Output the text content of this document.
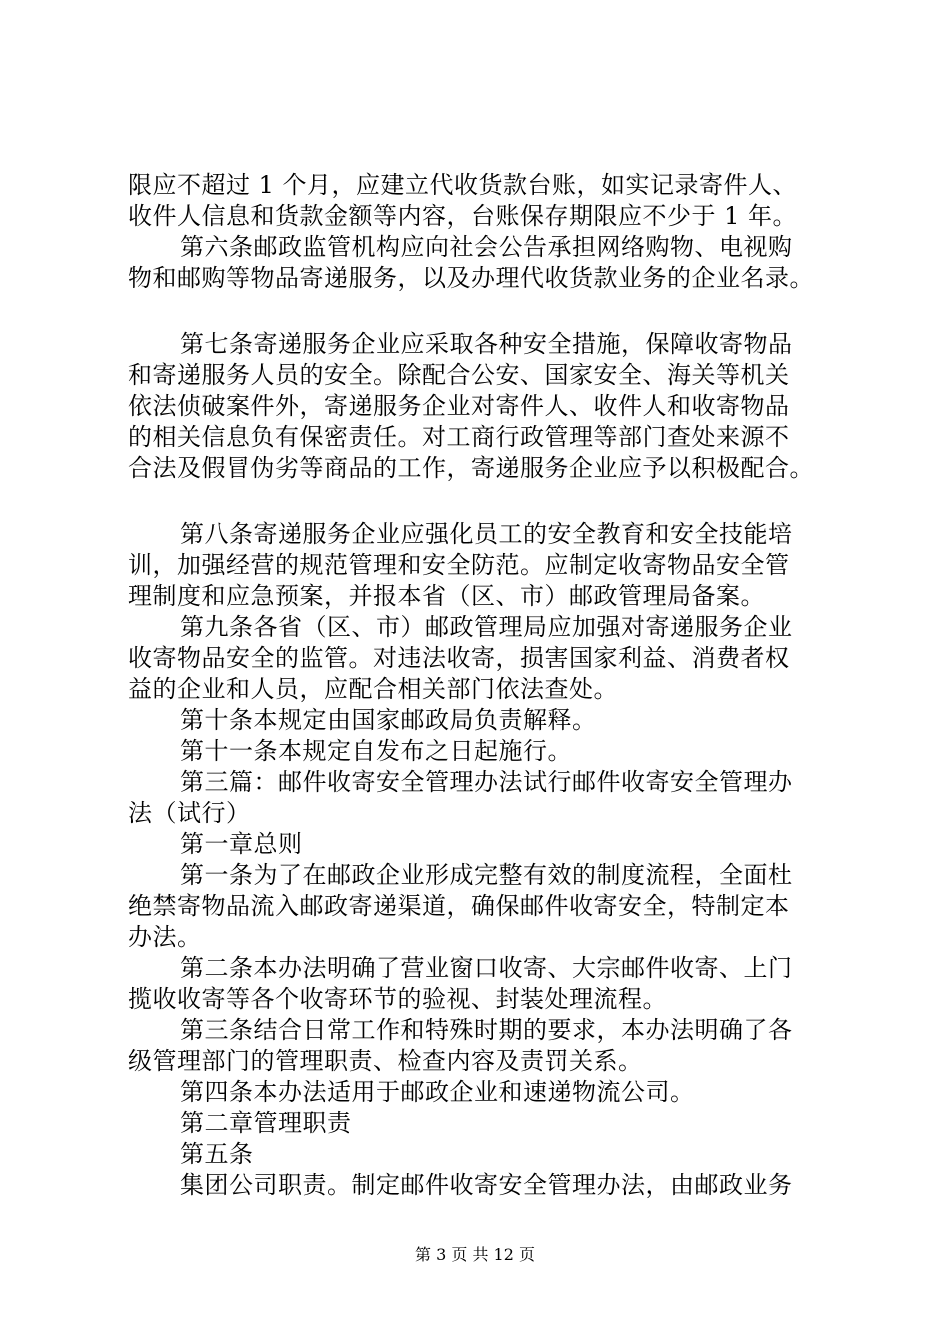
限应不超过 1 个月，应建立代收货款台账，如实记录寄件人、
收件人信息和货款金额等内容，台账保存期限应不少于 1 年。
第六条邮政监管机构应向社会公告承担网络购物、电视购
物和邮购等物品寄递服务，以及办理代收货款业务的企业名录。
第七条寄递服务企业应采取各种安全措施，保障收寄物品
和寄递服务人员的安全。除配合公安、国家安全、海关等机关
依法侦破案件外，寄递服务企业对寄件人、收件人和收寄物品
的相关信息负有保密责任。对工商行政管理等部门查处来源不
合法及假冒伪劣等商品的工作，寄递服务企业应予以积极配合。
第八条寄递服务企业应强化员工的安全教育和安全技能培
训，加强经营的规范管理和安全防范。应制定收寄物品安全管
理制度和应急预案，并报本省（区、市）邮政管理局备案。
第九条各省（区、市）邮政管理局应加强对寄递服务企业
收寄物品安全的监管。对违法收寄，损害国家利益、消费者权
益的企业和人员，应配合相关部门依法查处。
第十条本规定由国家邮政局负责解释。
第十一条本规定自发布之日起施行。
第三篇：邮件收寄安全管理办法试行邮件收寄安全管理办
法（试行）
第一章总则
第一条为了在邮政企业形成完整有效的制度流程，全面杜
绝禁寄物品流入邮政寄递渠道，确保邮件收寄安全，特制定本
办法。
第二条本办法明确了营业窗口收寄、大宗邮件收寄、上门
揽收收寄等各个收寄环节的验视、封装处理流程。
第三条结合日常工作和特殊时期的要求，本办法明确了各
级管理部门的管理职责、检查内容及责罚关系。
第四条本办法适用于邮政企业和速递物流公司。
第二章管理职责
第五条
集团公司职责。制定邮件收寄安全管理办法，由邮政业务
第 3 页 共 12 页
